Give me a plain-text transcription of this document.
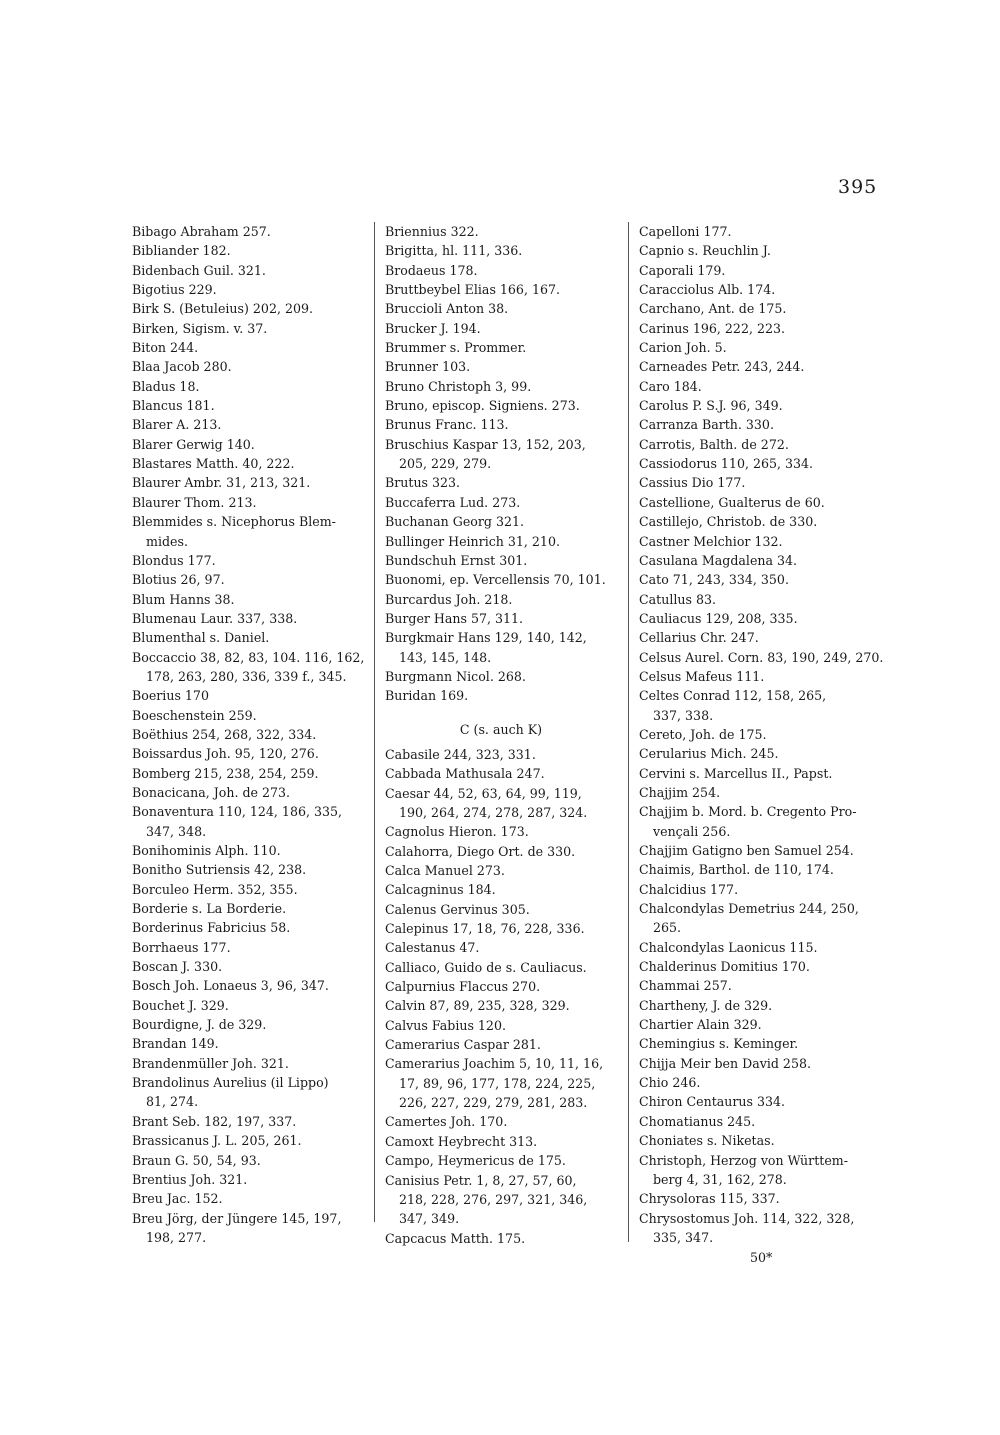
395
Bibago Abraham 257.
Bibliander 182.
Bidenbach Guil. 321.
Bigotius 229.
Birk S. (Betuleius) 202, 209.
Birken, Sigism. v. 37.
Biton 244.
Blaa Jacob 280.
Bladus 18.
Blancus 181.
Blarer A. 213.
Blarer Gerwig 140.
Blastares Matth. 40, 222.
Blaurer Ambr. 31, 213, 321.
Blaurer Thom. 213.
Blemmides s. Nicephorus Blem-
mides.
Blondus 177.
Blotius 26, 97.
Blum Hanns 38.
Blumenau Laur. 337, 338.
Blumenthal s. Daniel.
Boccaccio 38, 82, 83, 104. 116, 162,
178, 263, 280, 336, 339 f., 345.
Boerius 170
Boeschenstein 259.
Boëthius 254, 268, 322, 334.
Boissardus Joh. 95, 120, 276.
Bomberg 215, 238, 254, 259.
Bonacicana, Joh. de 273.
Bonaventura 110, 124, 186, 335,
347, 348.
Bonihominis Alph. 110.
Bonitho Sutriensis 42, 238.
Borculeo Herm. 352, 355.
Borderie s. La Borderie.
Borderinus Fabricius 58.
Borrhaeus 177.
Boscan J. 330.
Bosch Joh. Lonaeus 3, 96, 347.
Bouchet J. 329.
Bourdigne, J. de 329.
Brandan 149.
Brandenmüller Joh. 321.
Brandolinus Aurelius (il Lippo)
81, 274.
Brant Seb. 182, 197, 337.
Brassicanus J. L. 205, 261.
Braun G. 50, 54, 93.
Brentius Joh. 321.
Breu Jac. 152.
Breu Jörg, der Jüngere 145, 197,
198, 277.
Briennius 322.
Brigitta, hl. 111, 336.
Brodaeus 178.
Bruttbeybel Elias 166, 167.
Bruccioli Anton 38.
Brucker J. 194.
Brummer s. Prommer.
Brunner 103.
Bruno Christoph 3, 99.
Bruno, episcop. Signiens. 273.
Brunus Franc. 113.
Bruschius Kaspar 13, 152, 203,
205, 229, 279.
Brutus 323.
Buccaferra Lud. 273.
Buchanan Georg 321.
Bullinger Heinrich 31, 210.
Bundschuh Ernst 301.
Buonomi, ep. Vercellensis 70, 101.
Burcardus Joh. 218.
Burger Hans 57, 311.
Burgkmair Hans 129, 140, 142,
143, 145, 148.
Burgmann Nicol. 268.
Buridan 169.
C (s. auch K)
Cabasile 244, 323, 331.
Cabbada Mathusala 247.
Caesar 44, 52, 63, 64, 99, 119,
190, 264, 274, 278, 287, 324.
Cagnolus Hieron. 173.
Calahorra, Diego Ort. de 330.
Calca Manuel 273.
Calcagninus 184.
Calenus Gervinus 305.
Calepinus 17, 18, 76, 228, 336.
Calestanus 47.
Calliaco, Guido de s. Cauliacus.
Calpurnius Flaccus 270.
Calvin 87, 89, 235, 328, 329.
Calvus Fabius 120.
Camerarius Caspar 281.
Camerarius Joachim 5, 10, 11, 16,
17, 89, 96, 177, 178, 224, 225,
226, 227, 229, 279, 281, 283.
Camertes Joh. 170.
Camoxt Heybrecht 313.
Campo, Heymericus de 175.
Canisius Petr. 1, 8, 27, 57, 60,
218, 228, 276, 297, 321, 346,
347, 349.
Capcacus Matth. 175.
Capelloni 177.
Capnio s. Reuchlin J.
Caporali 179.
Caracciolus Alb. 174.
Carchano, Ant. de 175.
Carinus 196, 222, 223.
Carion Joh. 5.
Carneades Petr. 243, 244.
Caro 184.
Carolus P. S.J. 96, 349.
Carranza Barth. 330.
Carrotis, Balth. de 272.
Cassiodorus 110, 265, 334.
Cassius Dio 177.
Castellione, Gualterus de 60.
Castillejo, Christob. de 330.
Castner Melchior 132.
Casulana Magdalena 34.
Cato 71, 243, 334, 350.
Catullus 83.
Cauliacus 129, 208, 335.
Cellarius Chr. 247.
Celsus Aurel. Corn. 83, 190, 249, 270.
Celsus Mafeus 111.
Celtes Conrad 112, 158, 265,
337, 338.
Cereto, Joh. de 175.
Cerularius Mich. 245.
Cervini s. Marcellus II., Papst.
Chajjim 254.
Chajjim b. Mord. b. Cregento Pro-
vençali 256.
Chajjim Gatigno ben Samuel 254.
Chaimis, Barthol. de 110, 174.
Chalcidius 177.
Chalcondylas Demetrius 244, 250,
265.
Chalcondylas Laonicus 115.
Chalderinus Domitius 170.
Chammai 257.
Chartheny, J. de 329.
Chartier Alain 329.
Chemingius s. Keminger.
Chijja Meir ben David 258.
Chio 246.
Chiron Centaurus 334.
Chomatianus 245.
Choniates s. Niketas.
Christoph, Herzog von Württem-
berg 4, 31, 162, 278.
Chrysoloras 115, 337.
Chrysostomus Joh. 114, 322, 328,
335, 347.
50*
